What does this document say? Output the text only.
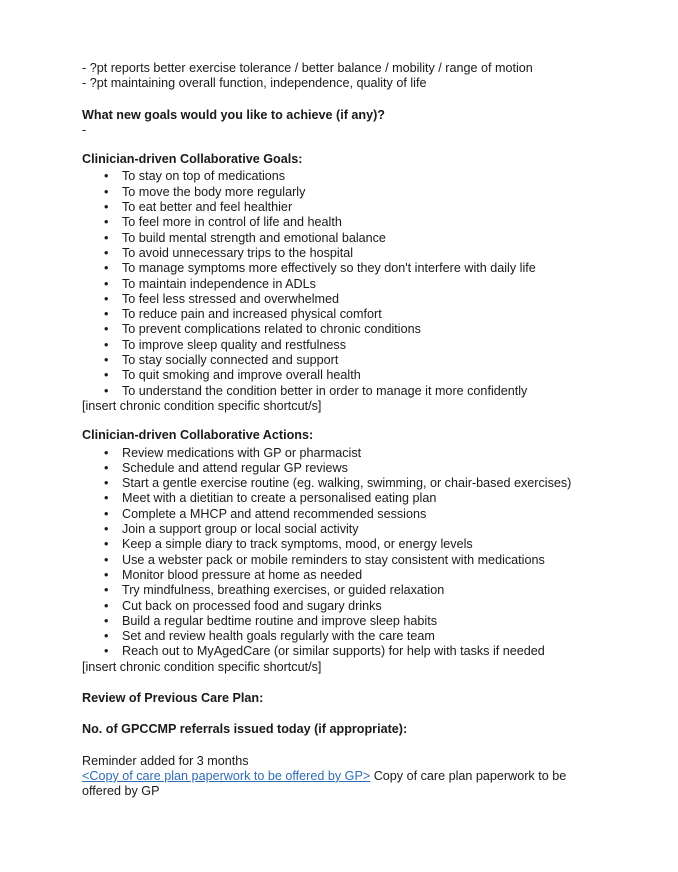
- ?pt reports better exercise tolerance / better balance / mobility / range of motion
- ?pt maintaining overall function, independence, quality of life
What new goals would you like to achieve (if any)?
-
Clinician-driven Collaborative Goals:
• To stay on top of medications
• To move the body more regularly
• To eat better and feel healthier
• To feel more in control of life and health
• To build mental strength and emotional balance
• To avoid unnecessary trips to the hospital
• To manage symptoms more effectively so they don't interfere with daily life
• To maintain independence in ADLs
• To feel less stressed and overwhelmed
• To reduce pain and increased physical comfort
• To prevent complications related to chronic conditions
• To improve sleep quality and restfulness
• To stay socially connected and support
• To quit smoking and improve overall health
• To understand the condition better in order to manage it more confidently
[insert chronic condition specific shortcut/s]
Clinician-driven Collaborative Actions:
• Review medications with GP or pharmacist
• Schedule and attend regular GP reviews
• Start a gentle exercise routine (eg. walking, swimming, or chair-based exercises)
• Meet with a dietitian to create a personalised eating plan
• Complete a MHCP and attend recommended sessions
• Join a support group or local social activity
• Keep a simple diary to track symptoms, mood, or energy levels
• Use a webster pack or mobile reminders to stay consistent with medications
• Monitor blood pressure at home as needed
• Try mindfulness, breathing exercises, or guided relaxation
• Cut back on processed food and sugary drinks
• Build a regular bedtime routine and improve sleep habits
• Set and review health goals regularly with the care team
• Reach out to MyAgedCare (or similar supports) for help with tasks if needed
[insert chronic condition specific shortcut/s]
Review of Previous Care Plan:
No. of GPCCMP referrals issued today (if appropriate):
Reminder added for 3 months
<Copy of care plan paperwork to be offered by GP> Copy of care plan paperwork to be
offered by GP
